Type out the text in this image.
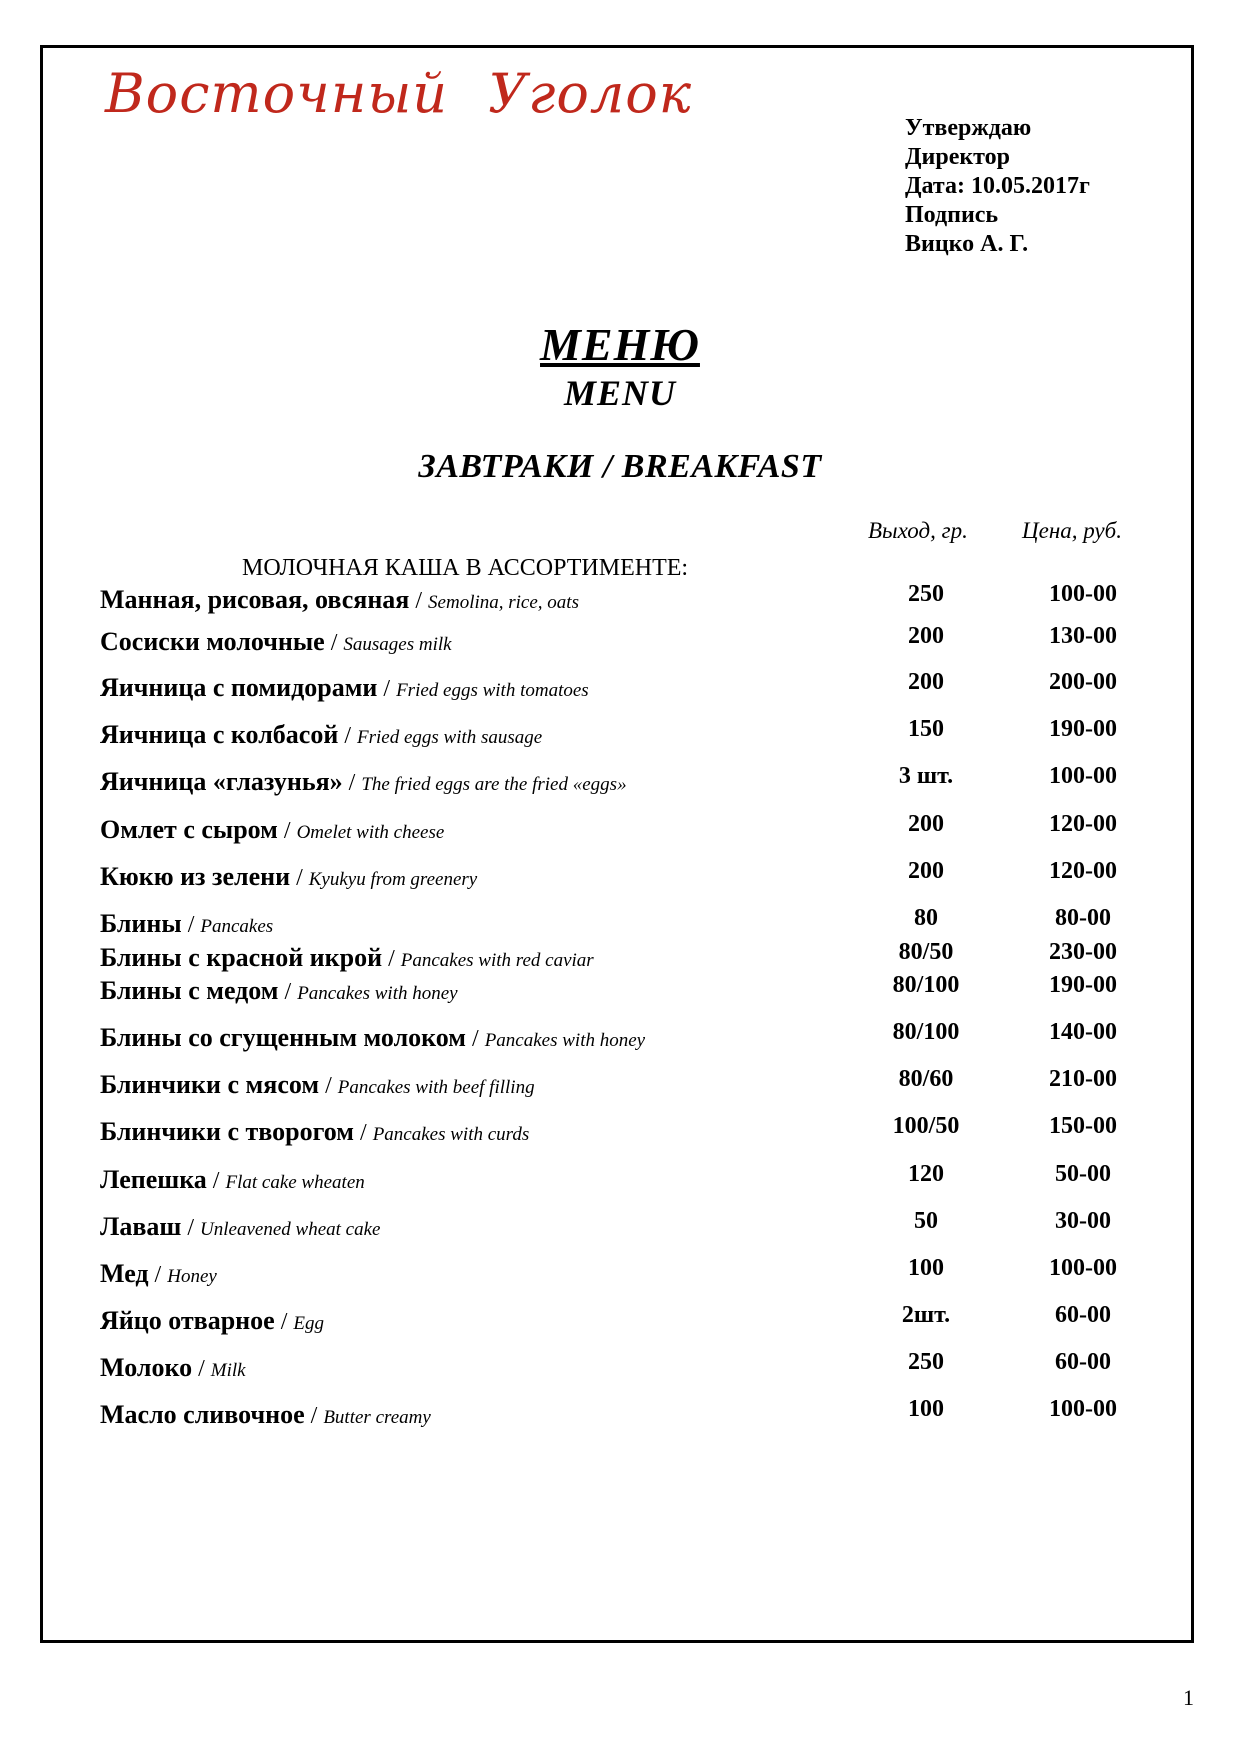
Восточный Уголок
Утверждаю
Директор
Дата: 10.05.2017г
Подпись
Вицко А. Г.
МЕНЮ
MENU
ЗАВТРАКИ / BREAKFAST
Выход, гр. Цена, руб.
МОЛОЧНАЯ КАША В АССОРТИМЕНТЕ:
Манная, рисовая, овсяная / Semolina, rice, oats	250	100-00
Сосиски молочные / Sausages milk	200	130-00
Яичница с помидорами / Fried eggs with tomatoes	200	200-00
Яичница с колбасой / Fried eggs with sausage	150	190-00
Яичница «глазунья» / The fried eggs are the fried «eggs»	3 шт.	100-00
Омлет с сыром / Omelet with cheese	200	120-00
Кюкю из зелени / Kyukyu from greenery	200	120-00
Блины / Pancakes	80	80-00
Блины с красной икрой / Pancakes with red caviar	80/50	230-00
Блины с медом / Pancakes with honey	80/100	190-00
Блины со сгущенным молоком / Pancakes with honey	80/100	140-00
Блинчики с мясом / Pancakes with beef filling	80/60	210-00
Блинчики с творогом / Pancakes with curds	100/50	150-00
Лепешка / Flat cake wheaten	120	50-00
Лаваш / Unleavened wheat cake	50	30-00
Мед / Honey	100	100-00
Яйцо отварное / Egg	2шт.	60-00
Молоко / Milk	250	60-00
Масло сливочное / Butter creamy	100	100-00
1
